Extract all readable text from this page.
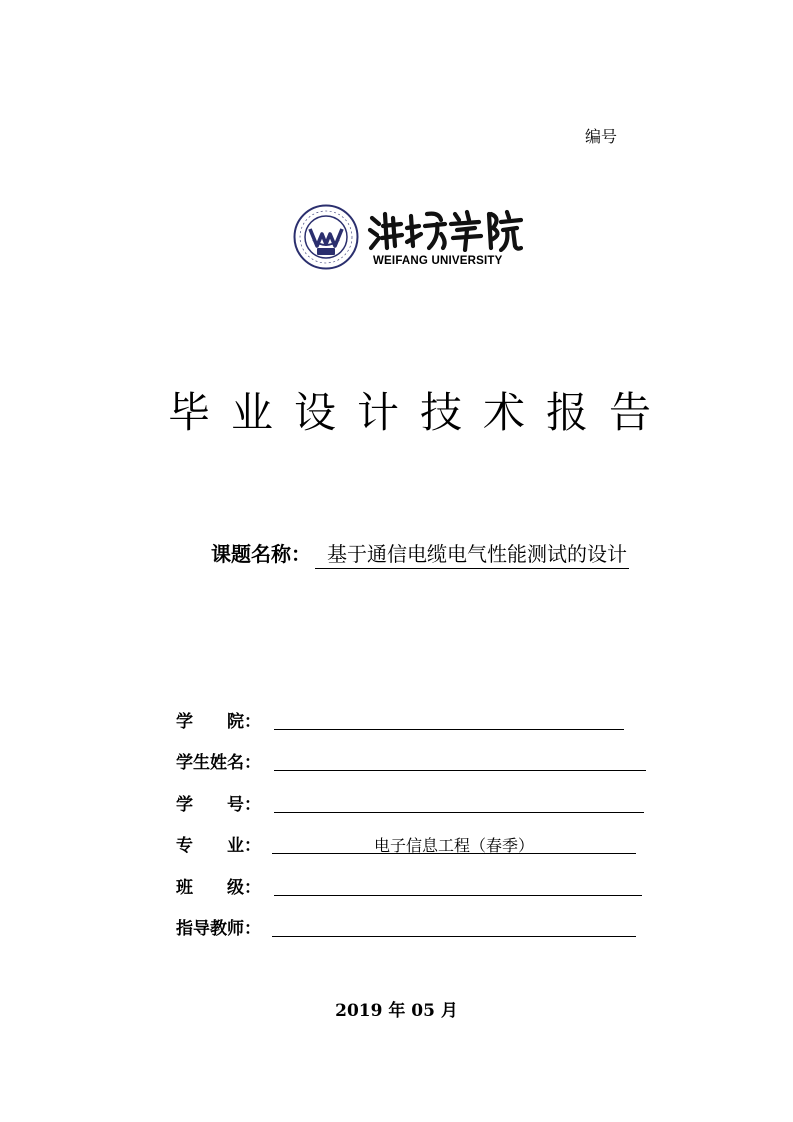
编号
WEIFANG UNIVERSITY
毕业设计技术报告
课题名称： 基于通信电缆电气性能测试的设计
学　　院：
学生姓名：
学　　号：
专　　业：	电子信息工程（春季）
班　　级：
指导教师：
2019 年 05 月
